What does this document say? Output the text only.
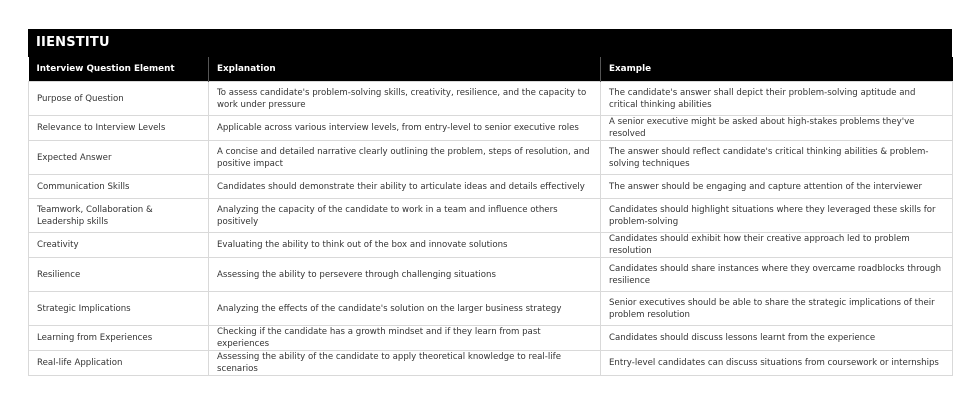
IIENSTITU
Interview Question Element	Explanation	Example
Purpose of Question	To assess candidate's problem-solving skills, creativity, resilience, and the capacity to work under pressure	The candidate's answer shall depict their problem-solving aptitude and critical thinking abilities
Relevance to Interview Levels	Applicable across various interview levels, from entry-level to senior executive roles	A senior executive might be asked about high-stakes problems they've resolved
Expected Answer	A concise and detailed narrative clearly outlining the problem, steps of resolution, and positive impact	The answer should reflect candidate's critical thinking abilities & problem-solving techniques
Communication Skills	Candidates should demonstrate their ability to articulate ideas and details effectively	The answer should be engaging and capture attention of the interviewer
Teamwork, Collaboration & Leadership skills	Analyzing the capacity of the candidate to work in a team and influence others positively	Candidates should highlight situations where they leveraged these skills for problem-solving
Creativity	Evaluating the ability to think out of the box and innovate solutions	Candidates should exhibit how their creative approach led to problem resolution
Resilience	Assessing the ability to persevere through challenging situations	Candidates should share instances where they overcame roadblocks through resilience
Strategic Implications	Analyzing the effects of the candidate's solution on the larger business strategy	Senior executives should be able to share the strategic implications of their problem resolution
Learning from Experiences	Checking if the candidate has a growth mindset and if they learn from past experiences	Candidates should discuss lessons learnt from the experience
Real-life Application	Assessing the ability of the candidate to apply theoretical knowledge to real-life scenarios	Entry-level candidates can discuss situations from coursework or internships
